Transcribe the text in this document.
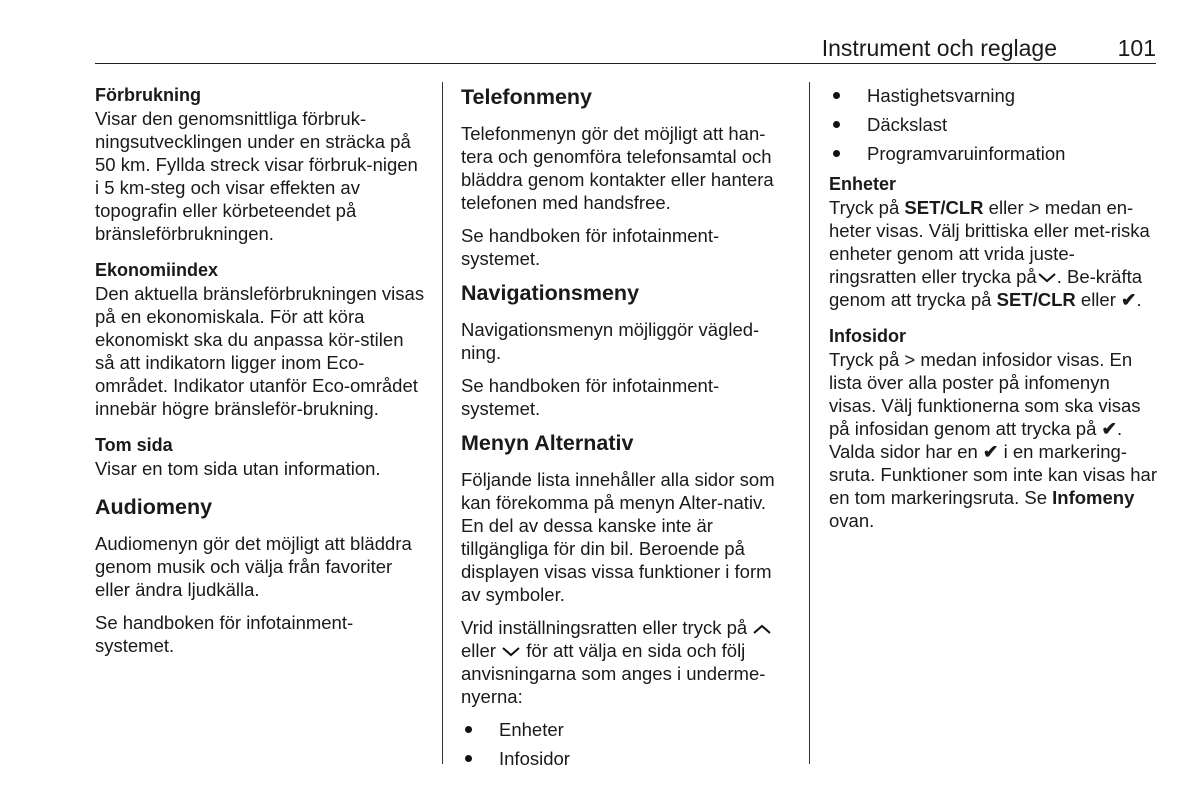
Instrument och reglage	101
Förbrukning
Visar den genomsnittliga förbruk-ningsutvecklingen under en sträcka på 50 km. Fyllda streck visar förbruk-nigen i 5 km-steg och visar effekten av topografin eller körbeteendet på bränsleförbrukningen.
Ekonomiindex
Den aktuella bränsleförbrukningen visas på en ekonomiskala. För att köra ekonomiskt ska du anpassa kör-stilen så att indikatorn ligger inom Eco-området. Indikator utanför Eco-området innebär högre bränsleför-brukning.
Tom sida
Visar en tom sida utan information.
Audiomeny

Audiomenyn gör det möjligt att bläddra genom musik och välja från favoriter eller ändra ljudkälla.

Se handboken för infotainment-systemet.

Telefonmeny

Telefonmenyn gör det möjligt att han-tera och genomföra telefonsamtal och bläddra genom kontakter eller hantera telefonen med handsfree.

Se handboken för infotainment-systemet.

Navigationsmeny

Navigationsmenyn möjliggör vägled-ning.

Se handboken för infotainment-systemet.

Menyn Alternativ

Följande lista innehåller alla sidor som kan förekomma på menyn Alter-nativ. En del av dessa kanske inte är tillgängliga för din bil. Beroende på displayen visas vissa funktioner i form av symboler.

Vrid inställningsratten eller tryck på  eller för att välja en sida och följ anvisningarna som anges i underme-nyerna:

Enheter
Infosidor
Hastighetsvarning
Däckslast
Programvaruinformation
Enheter
Tryck på SET/CLR eller > medan en-heter visas. Välj brittiska eller met-riska enheter genom att vrida juste-ringsratten eller trycka på . Be-kräfta genom att trycka på SET/CLR eller ✔.
Infosidor
Tryck på > medan infosidor visas. En lista över alla poster på infomenyn visas. Välj funktionerna som ska visas på infosidan genom att trycka på ✔. Valda sidor har en ✔ i en markering-sruta. Funktioner som inte kan visas har en tom markeringsruta. Se Infomeny ovan.
